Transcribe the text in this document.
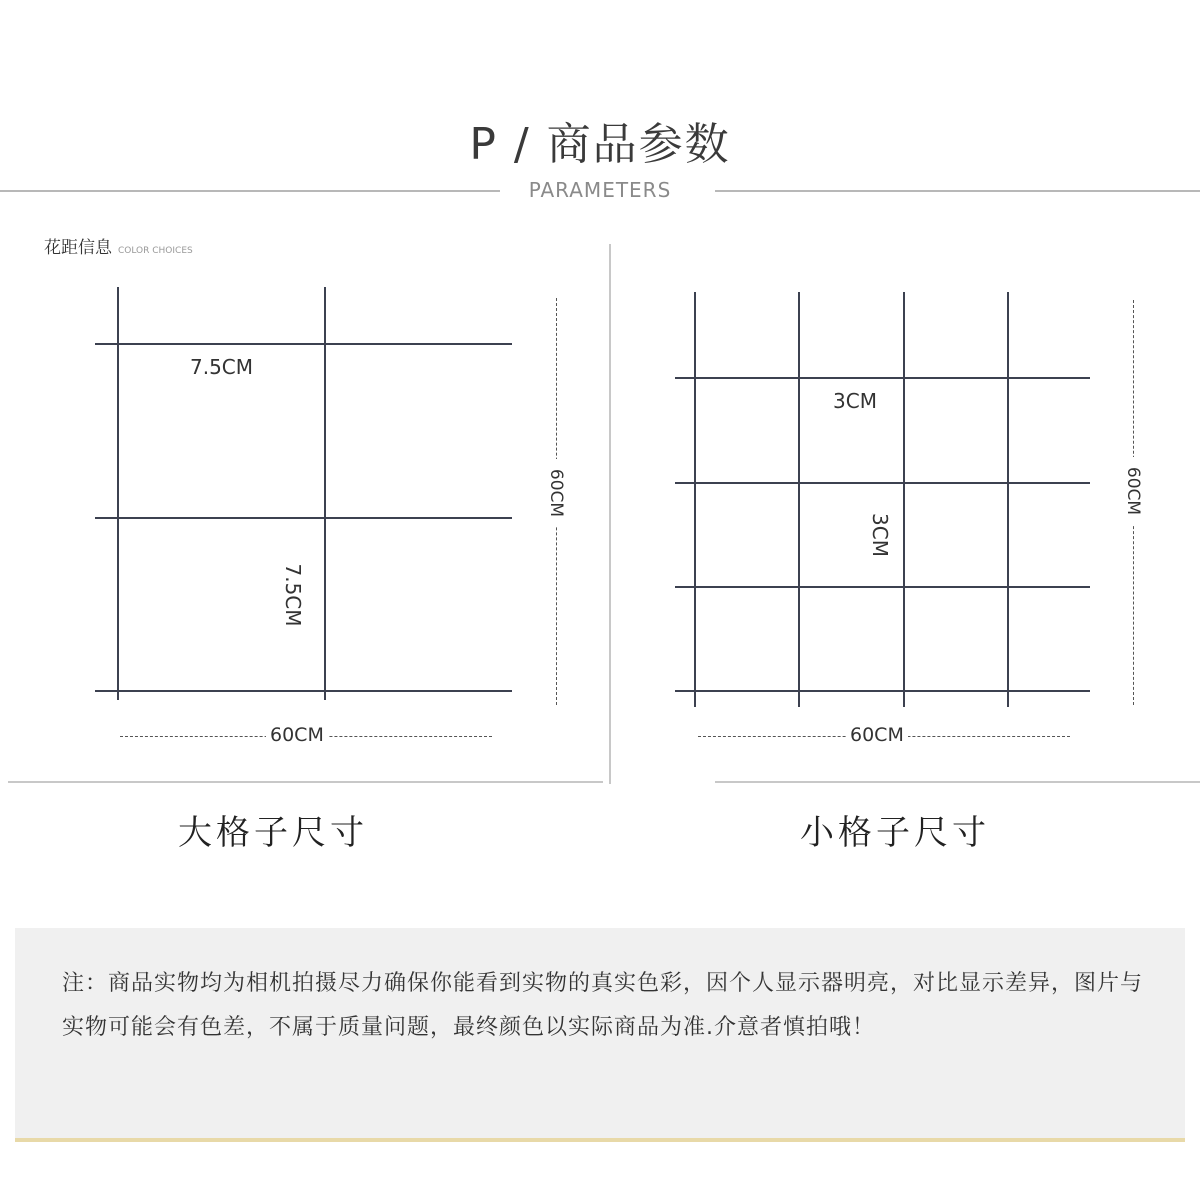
P / 商品参数
PARAMETERS
花距信息 COLOR CHOICES
7.5CM
7.5CM
60CM
60CM
大格子尺寸
3CM
3CM
60CM
60CM
小格子尺寸
注：商品实物均为相机拍摄尽力确保你能看到实物的真实色彩，因个人显示器明亮，对比显示差异，图片与实物可能会有色差，不属于质量问题，最终颜色以实际商品为准.介意者慎拍哦！
